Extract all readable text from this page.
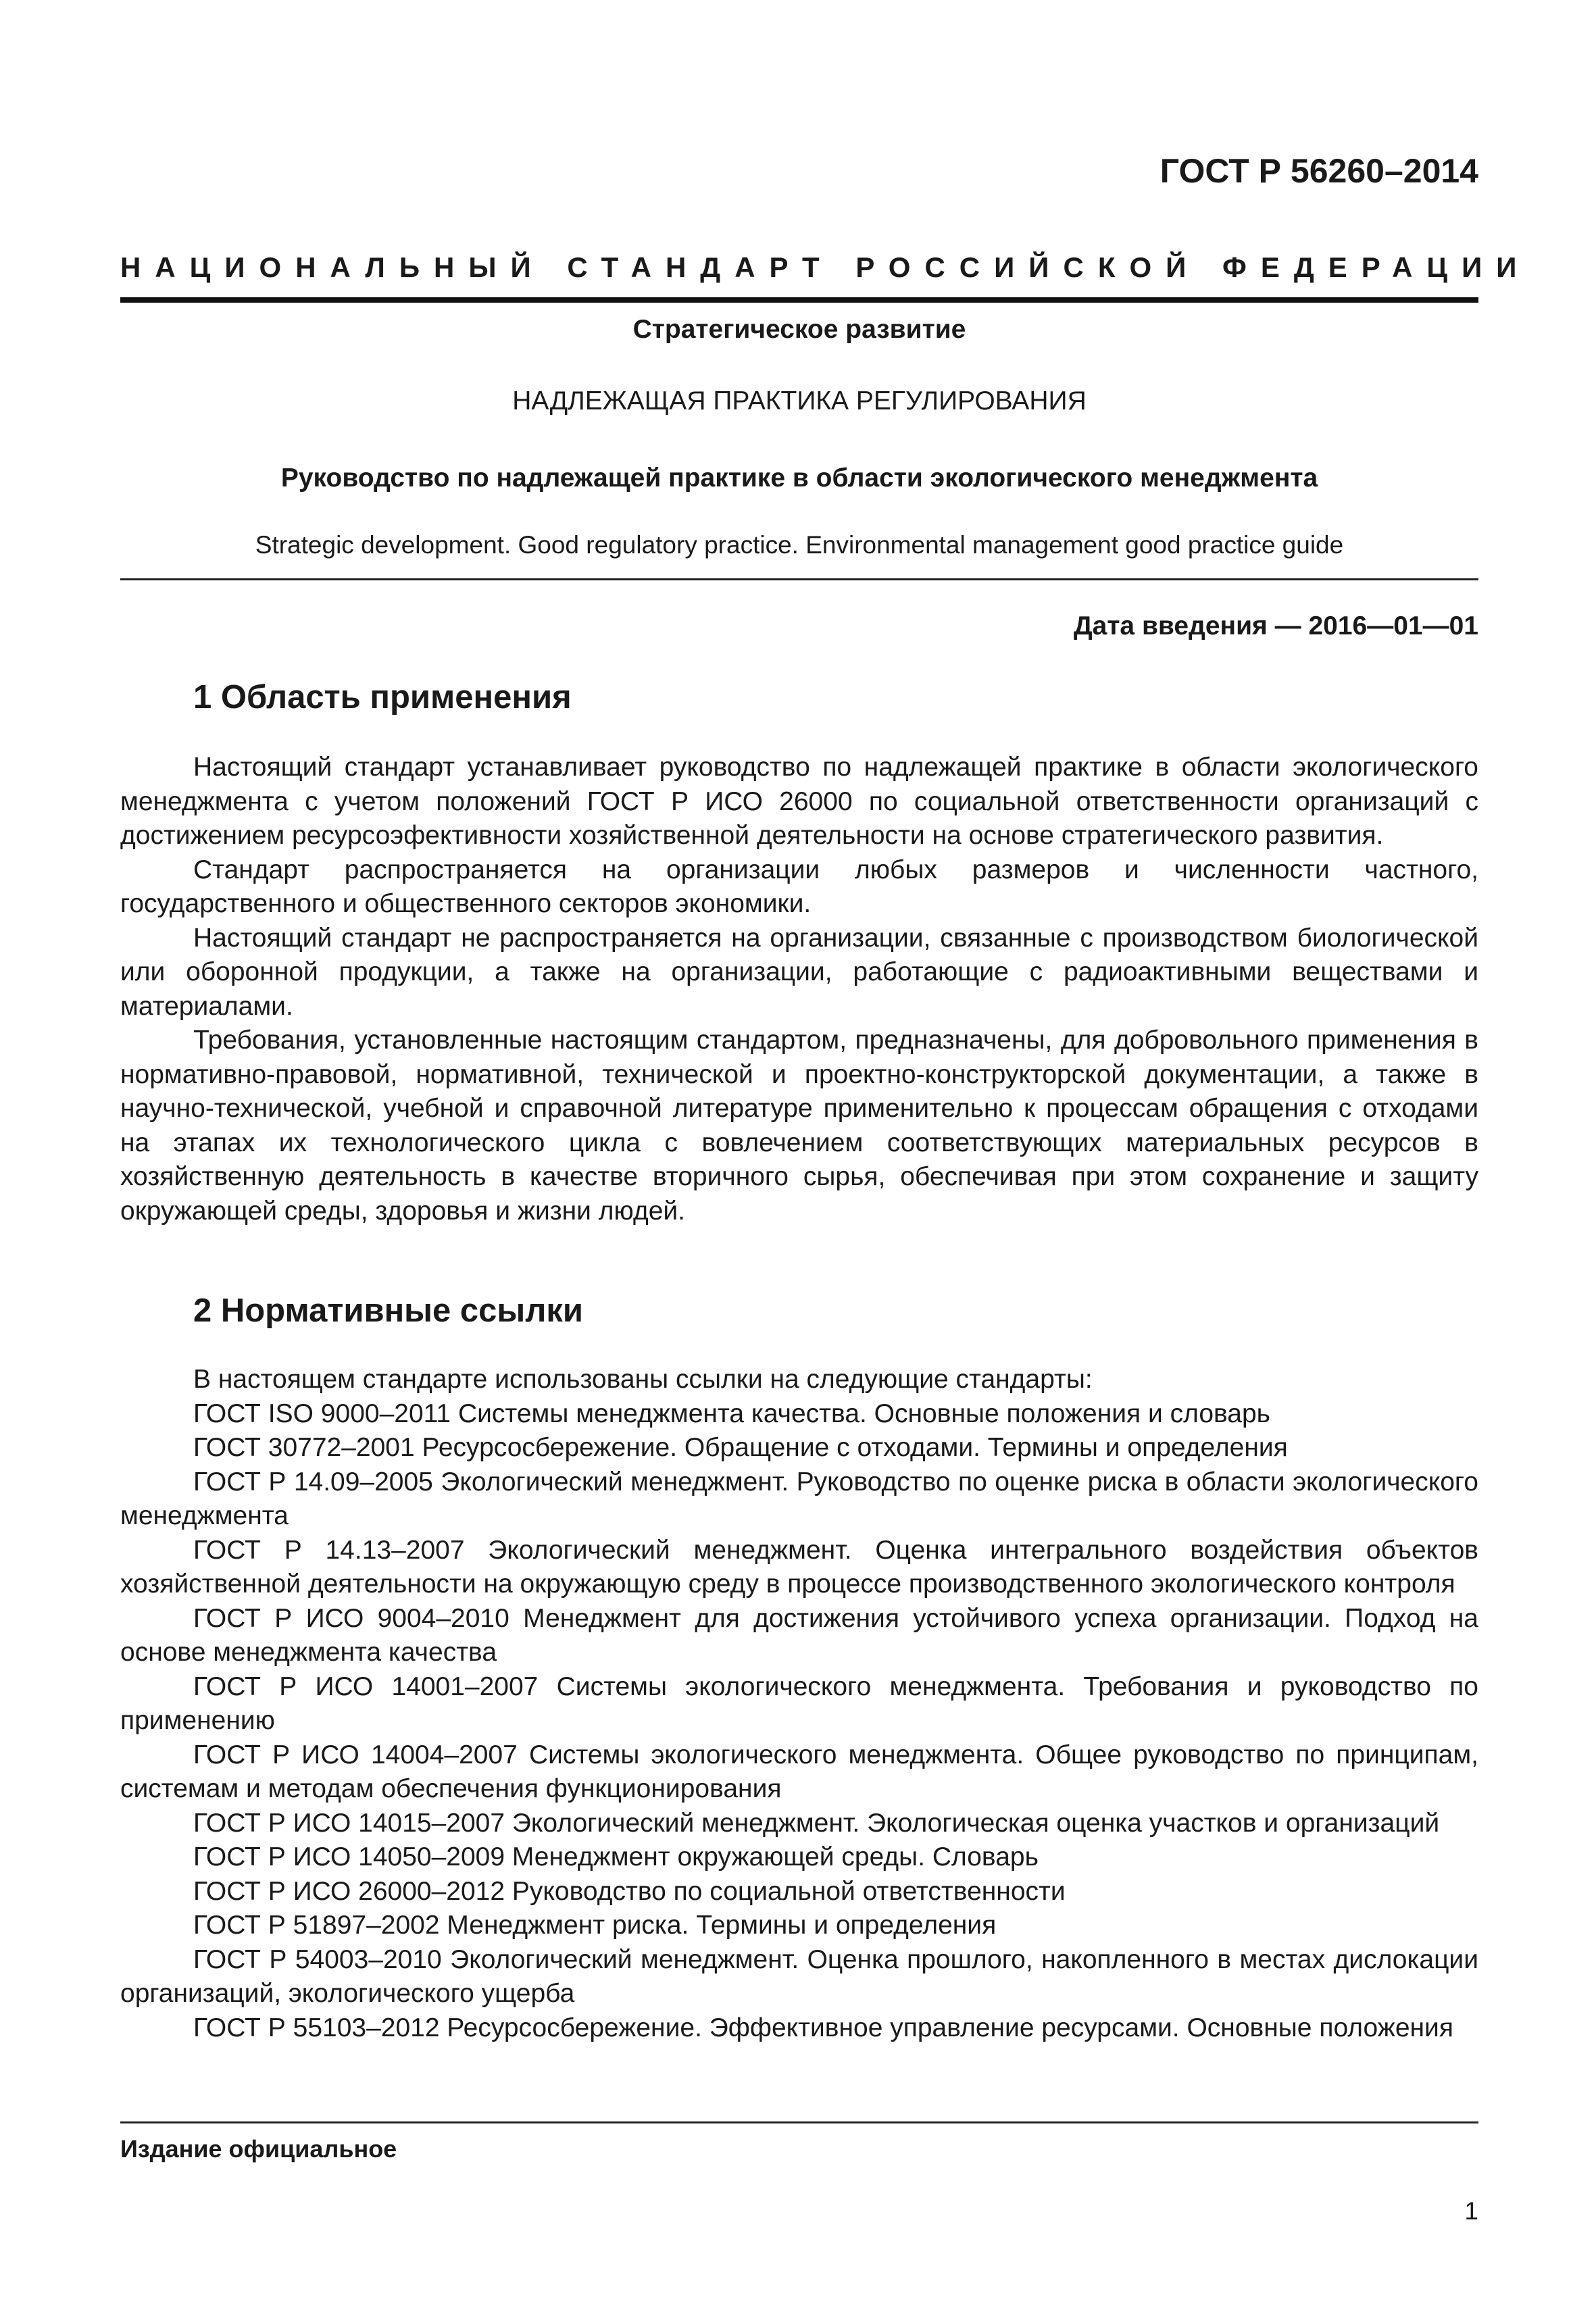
ГОСТ Р 56260–2014
НАЦИОНАЛЬНЫЙ СТАНДАРТ РОССИЙСКОЙ ФЕДЕРАЦИИ
Стратегическое развитие
НАДЛЕЖАЩАЯ ПРАКТИКА РЕГУЛИРОВАНИЯ
Руководство по надлежащей практике в области экологического менеджмента
Strategic development. Good regulatory practice. Environmental management good practice guide
Дата введения — 2016—01—01
1 Область применения

Настоящий стандарт устанавливает руководство по надлежащей практике в области экологического менеджмента с учетом положений ГОСТ Р ИСО 26000 по социальной ответственности организаций с достижением ресурсоэфективности хозяйственной деятельности на основе стратегического развития.

Стандарт распространяется на организации любых размеров и численности частного, государственного и общественного секторов экономики.

Настоящий стандарт не распространяется на организации, связанные с производством биологической или оборонной продукции, а также на организации, работающие с радиоактивными веществами и материалами.

Требования, установленные настоящим стандартом, предназначены, для добровольного применения в нормативно-правовой, нормативной, технической и проектно-конструкторской документации, а также в научно-технической, учебной и справочной литературе применительно к процессам обращения с отходами на этапах их технологического цикла с вовлечением соответствующих материальных ресурсов в хозяйственную деятельность в качестве вторичного сырья, обеспечивая при этом сохранение и защиту окружающей среды, здоровья и жизни людей.

2 Нормативные ссылки

В настоящем стандарте использованы ссылки на следующие стандарты:

ГОСТ ISO 9000–2011 Системы менеджмента качества. Основные положения и словарь

ГОСТ 30772–2001 Ресурсосбережение. Обращение с отходами. Термины и определения

ГОСТ Р 14.09–2005 Экологический менеджмент. Руководство по оценке риска в области экологического менеджмента

ГОСТ Р 14.13–2007 Экологический менеджмент. Оценка интегрального воздействия объектов хозяйственной деятельности на окружающую среду в процессе производственного экологического контроля

ГОСТ Р ИСО 9004–2010 Менеджмент для достижения устойчивого успеха организации. Подход на основе менеджмента качества

ГОСТ Р ИСО 14001–2007 Системы экологического менеджмента. Требования и руководство по применению

ГОСТ Р ИСО 14004–2007 Системы экологического менеджмента. Общее руководство по принципам, системам и методам обеспечения функционирования

ГОСТ Р ИСО 14015–2007 Экологический менеджмент. Экологическая оценка участков и организаций

ГОСТ Р ИСО 14050–2009 Менеджмент окружающей среды. Словарь

ГОСТ Р ИСО 26000–2012 Руководство по социальной ответственности

ГОСТ Р 51897–2002 Менеджмент риска. Термины и определения

ГОСТ Р 54003–2010 Экологический менеджмент. Оценка прошлого, накопленного в местах дислокации организаций, экологического ущерба

ГОСТ Р 55103–2012 Ресурсосбережение. Эффективное управление ресурсами. Основные положения

Издание официальное
1
